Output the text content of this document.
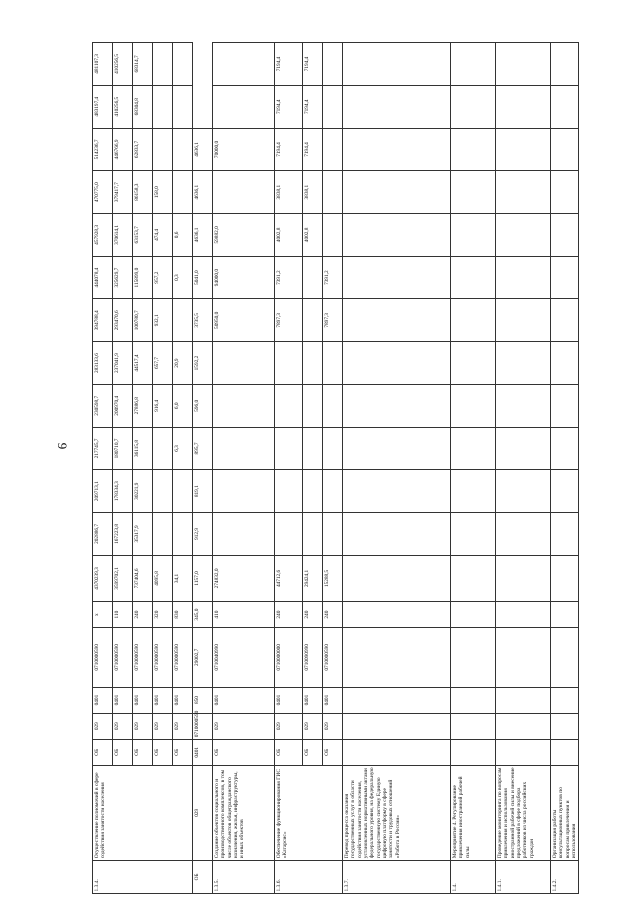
9
1.3.4.	Осуществление полномочий в сфере содействия занятости населения	ОБ	029	0401	0710000590	x	4370239,3	202886,7	209713,1	217745,7	230598,7	283133,6	394788,4	444078,4	457928,3	470775,0	514236,7	483197,4	481107,3
		ОБ	029	0401	0710000590	110	3599702,1	167223,8	178334,3	180710,7	200970,4	237041,9	293470,6	325629,7	370614,1	379417,7	446766,9	410256,5	410256,5
		ОБ	029	0401	0710000590	240	737404,6	35317,9	30221,9	36115,8	27886,8	44517,4	100780,7	115899,0	63153,7	86158,3	62833,7	68304,8	68314,7
		ОБ	029	0401	0710000590	320	4095,8				916,4	657,7	932,1	957,2	474,4	158,0			
		ОБ	029	0401	0710000590	830	34,1			6,3	6,0	20,9		0,3	0,6				
ОБ	029	0401	0710000590	850	29002,7	345,0	1157,0	912,9	819,1	895,7	596,0	1592,2	3735,5	5041,0	4636,1	4636,1	4636,1		
1.3.5.	Создание объектов социального и производственного комплексов, в том числе объектов общегражданского назначения, жилья, инфраструктуры, и иных объектов	ОБ	029	0401	0710040990	410	274832,0						50950,0	94000,0	59882,0		70000,0		
1.3.6.	Обеспечение функционирования ГИС «Катарсис»	ОБ	029	0401	0710000000	240	44712,6						7897,3	7391,2	4002,8	3838,1	7194,4	7194,4	7194,4
		ОБ	029	0401	0710090990	240	29424,1								4002,8	3838,1	7194,4	7194,4	7194,4
		ОБ	029	0401	0710000590	240	15288,5						7897,3	7391,2					
1.3.7.	Перевод процесса оказания государственных услуг в области содействия занятости населения, установленных нормативными актами федерального уровня, на федеральную государственную систему Единую цифровую платформу в сфере занятости и трудовых отношений «Работа в России»																		
1.4.	Мероприятие 4. Регулирование привлечения иностранной рабочей силы																		
1.4.1.	Проведение мониторинга по вопросам привлечения и использования иностранной рабочей силы и внесение предложений в сфере подбора работников из числа российских граждан																		
1.4.2.	Организация работы консультационных пунктов по вопросам привлечения и использования																		
